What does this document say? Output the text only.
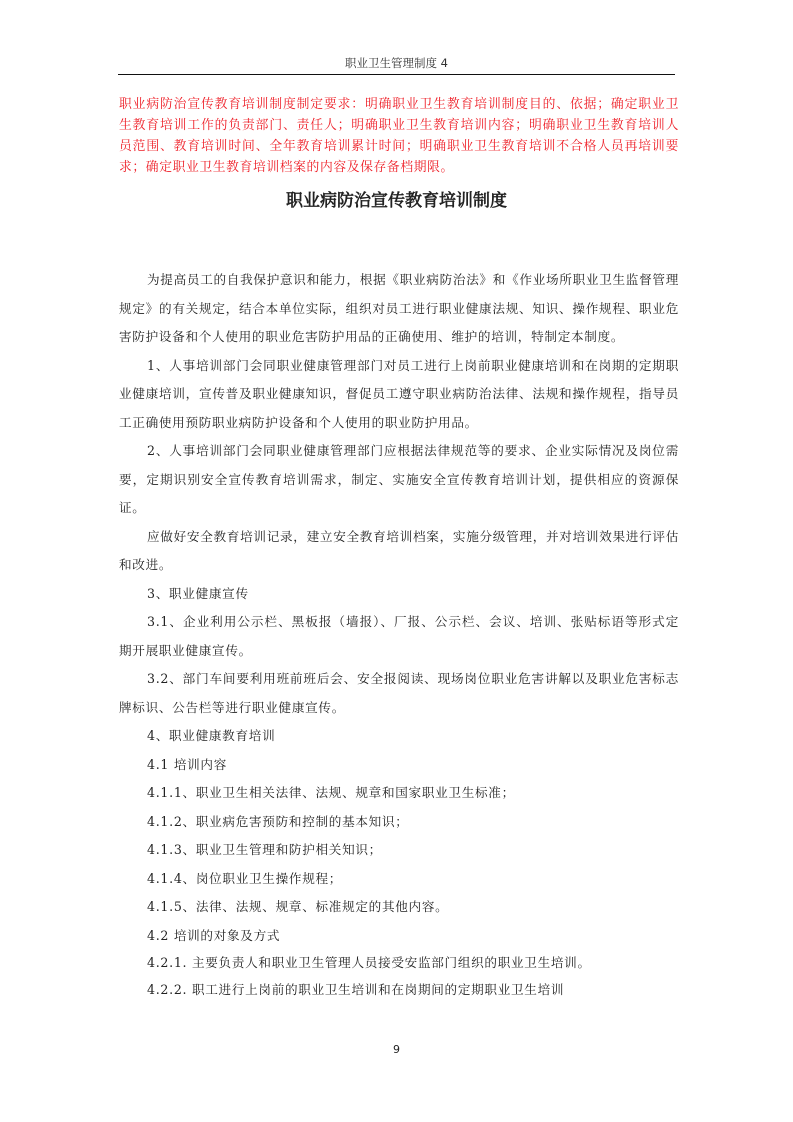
职业卫生管理制度 4
职业病防治宣传教育培训制度制定要求：明确职业卫生教育培训制度目的、依据；确定职业卫生教育培训工作的负责部门、责任人；明确职业卫生教育培训内容；明确职业卫生教育培训人员范围、教育培训时间、全年教育培训累计时间；明确职业卫生教育培训不合格人员再培训要求；确定职业卫生教育培训档案的内容及保存备档期限。
职业病防治宣传教育培训制度

为提高员工的自我保护意识和能力，根据《职业病防治法》和《作业场所职业卫生监督管理规定》的有关规定，结合本单位实际，组织对员工进行职业健康法规、知识、操作规程、职业危害防护设备和个人使用的职业危害防护用品的正确使用、维护的培训，特制定本制度。

1、人事培训部门会同职业健康管理部门对员工进行上岗前职业健康培训和在岗期的定期职业健康培训，宣传普及职业健康知识，督促员工遵守职业病防治法律、法规和操作规程，指导员工正确使用预防职业病防护设备和个人使用的职业防护用品。

2、人事培训部门会同职业健康管理部门应根据法律规范等的要求、企业实际情况及岗位需要，定期识别安全宣传教育培训需求，制定、实施安全宣传教育培训计划，提供相应的资源保证。

应做好安全教育培训记录，建立安全教育培训档案，实施分级管理，并对培训效果进行评估和改进。

3、职业健康宣传

3.1、企业利用公示栏、黑板报（墙报）、厂报、公示栏、会议、培训、张贴标语等形式定期开展职业健康宣传。

3.2、部门车间要利用班前班后会、安全报阅读、现场岗位职业危害讲解以及职业危害标志牌标识、公告栏等进行职业健康宣传。

4、职业健康教育培训

4.1 培训内容

4.1.1、职业卫生相关法律、法规、规章和国家职业卫生标准；

4.1.2、职业病危害预防和控制的基本知识；

4.1.3、职业卫生管理和防护相关知识；

4.1.4、岗位职业卫生操作规程；

4.1.5、法律、法规、规章、标准规定的其他内容。

4.2 培训的对象及方式

4.2.1. 主要负责人和职业卫生管理人员接受安监部门组织的职业卫生培训。

4.2.2. 职工进行上岗前的职业卫生培训和在岗期间的定期职业卫生培训

9
